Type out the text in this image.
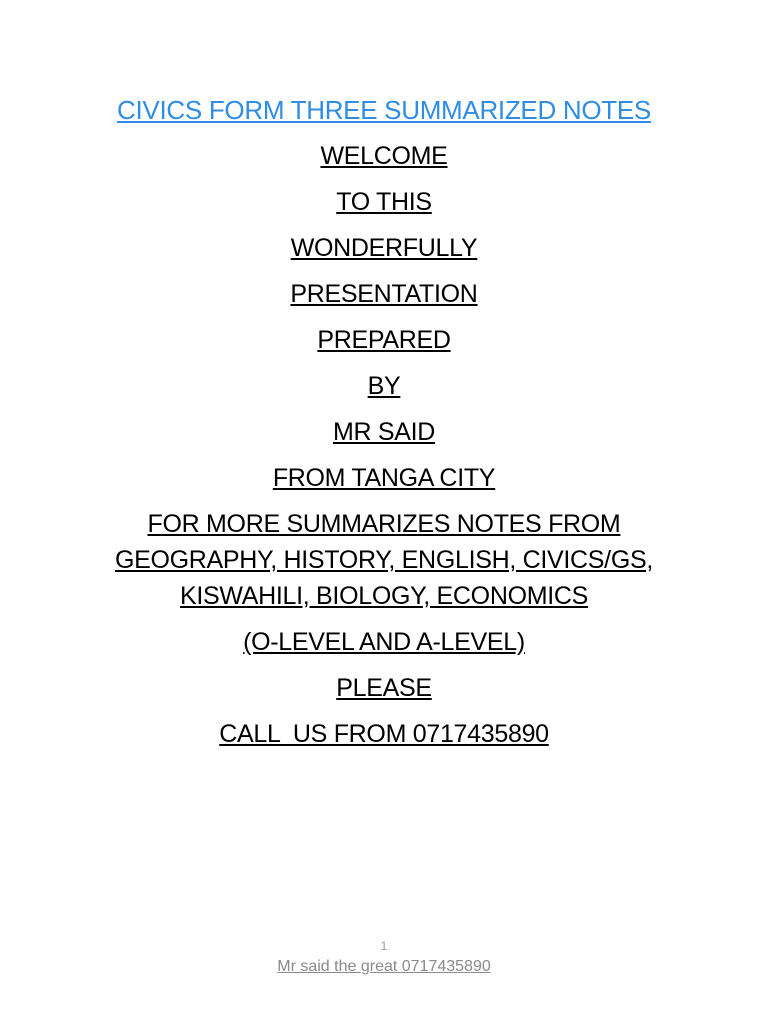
CIVICS FORM THREE SUMMARIZED NOTES
WELCOME
TO THIS
WONDERFULLY
PRESENTATION
PREPARED
BY
MR SAID
FROM TANGA CITY
FOR MORE SUMMARIZES NOTES FROM
GEOGRAPHY, HISTORY, ENGLISH, CIVICS/GS,
KISWAHILI, BIOLOGY, ECONOMICS
(O-LEVEL AND A-LEVEL)
PLEASE
CALL  US FROM 0717435890
1
Mr said the great 0717435890
